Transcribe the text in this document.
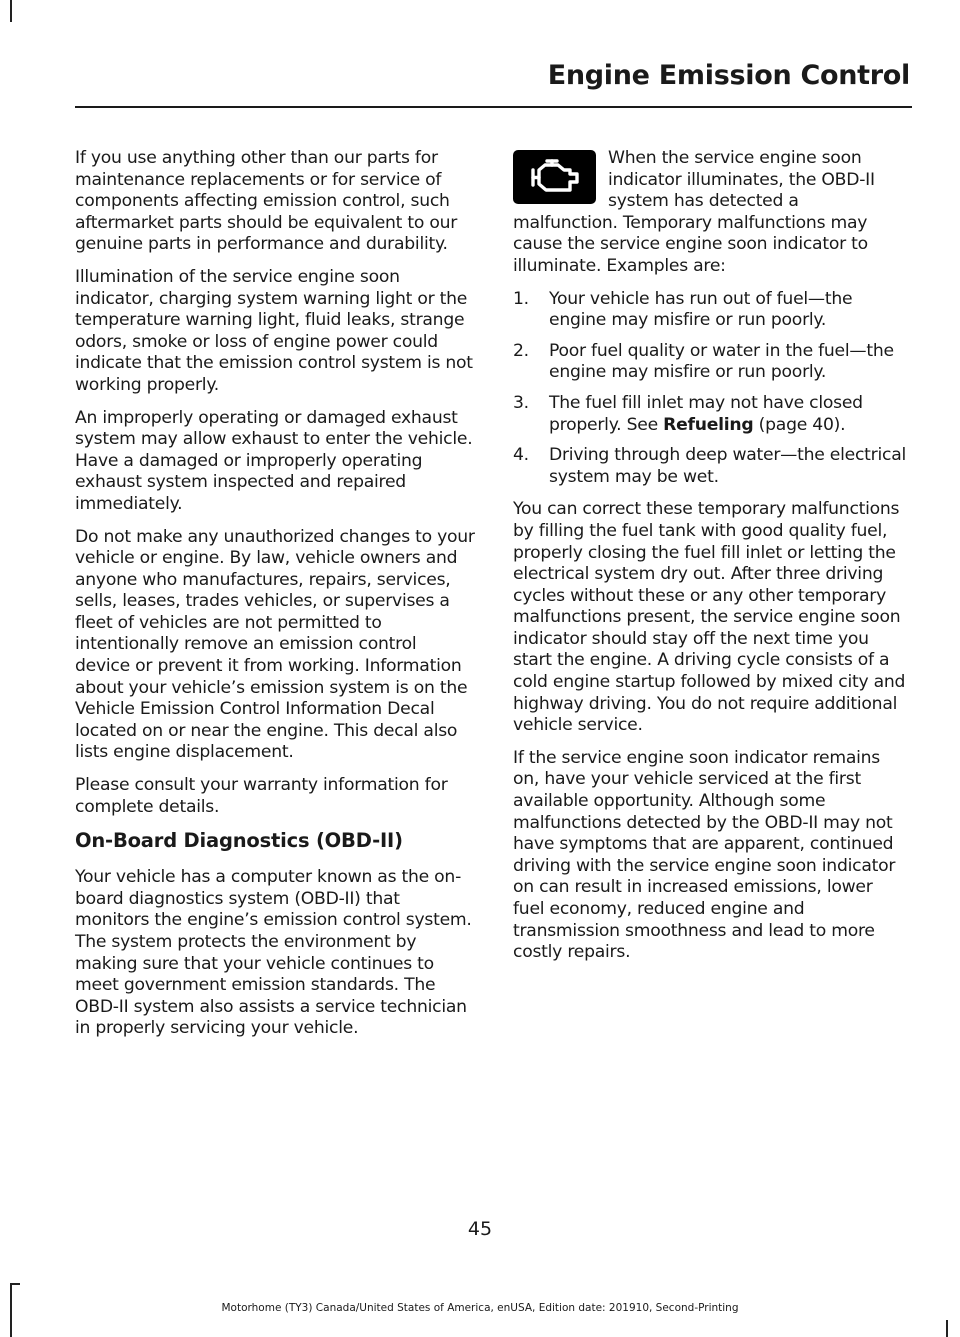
Engine Emission Control

If you use anything other than our parts for maintenance replacements or for service of components affecting emission control, such aftermarket parts should be equivalent to our genuine parts in performance and durability.

Illumination of the service engine soon indicator, charging system warning light or the temperature warning light, fluid leaks, strange odors, smoke or loss of engine power could indicate that the emission control system is not working properly.

An improperly operating or damaged exhaust system may allow exhaust to enter the vehicle. Have a damaged or improperly operating exhaust system inspected and repaired immediately.

Do not make any unauthorized changes to your vehicle or engine. By law, vehicle owners and anyone who manufactures, repairs, services, sells, leases, trades vehicles, or supervises a fleet of vehicles are not permitted to intentionally remove an emission control device or prevent it from working. Information about your vehicle’s emission system is on the Vehicle Emission Control Information Decal located on or near the engine. This decal also lists engine displacement.

Please consult your warranty information for complete details.

On-Board Diagnostics (OBD-II)

Your vehicle has a computer known as the on-board diagnostics system (OBD-II) that monitors the engine’s emission control system. The system protects the environment by making sure that your vehicle continues to meet government emission standards. The OBD-II system also assists a service technician in properly servicing your vehicle.

When the service engine soon indicator illuminates, the OBD-II system has detected a malfunction. Temporary malfunctions may cause the service engine soon indicator to illuminate. Examples are:
1. Your vehicle has run out of fuel—the engine may misfire or run poorly.
2. Poor fuel quality or water in the fuel—the engine may misfire or run poorly.
3. The fuel fill inlet may not have closed properly. See Refueling (page 40).
4. Driving through deep water—the electrical system may be wet.

You can correct these temporary malfunctions by filling the fuel tank with good quality fuel, properly closing the fuel fill inlet or letting the electrical system dry out. After three driving cycles without these or any other temporary malfunctions present, the service engine soon indicator should stay off the next time you start the engine. A driving cycle consists of a cold engine startup followed by mixed city and highway driving. You do not require additional vehicle service.

If the service engine soon indicator remains on, have your vehicle serviced at the first available opportunity. Although some malfunctions detected by the OBD-II may not have symptoms that are apparent, continued driving with the service engine soon indicator on can result in increased emissions, lower fuel economy, reduced engine and transmission smoothness and lead to more costly repairs.

45
Motorhome (TY3) Canada/United States of America, enUSA, Edition date: 201910, Second-Printing
